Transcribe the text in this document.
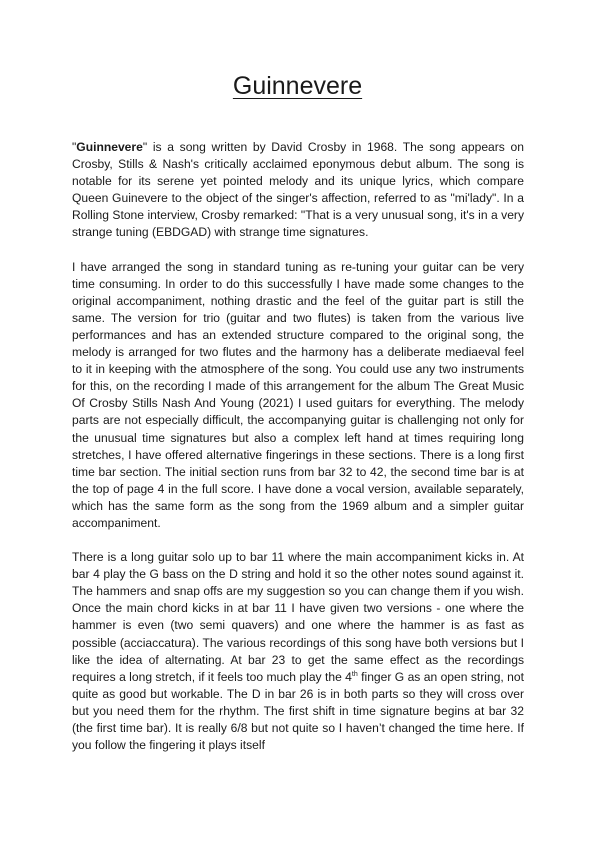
Guinnevere

"Guinnevere" is a song written by David Crosby in 1968. The song appears on Crosby, Stills & Nash's critically acclaimed eponymous debut album. The song is notable for its serene yet pointed melody and its unique lyrics, which compare Queen Guinevere to the object of the singer's affection, referred to as "mi'lady". In a Rolling Stone interview, Crosby remarked: "That is a very unusual song, it's in a very strange tuning (EBDGAD) with strange time signatures.

I have arranged the song in standard tuning as re-tuning your guitar can be very time consuming. In order to do this successfully I have made some changes to the original accompaniment, nothing drastic and the feel of the guitar part is still the same. The version for trio (guitar and two flutes) is taken from the various live performances and has an extended structure compared to the original song, the melody is arranged for two flutes and the harmony has a deliberate mediaeval feel to it in keeping with the atmosphere of the song. You could use any two instruments for this, on the recording I made of this arrangement for the album The Great Music Of Crosby Stills Nash And Young (2021) I used guitars for everything. The melody parts are not especially difficult, the accompanying guitar is challenging not only for the unusual time signatures but also a complex left hand at times requiring long stretches, I have offered alternative fingerings in these sections. There is a long first time bar section. The initial section runs from bar 32 to 42, the second time bar is at the top of page 4 in the full score. I have done a vocal version, available separately, which has the same form as the song from the 1969 album and a simpler guitar accompaniment.

There is a long guitar solo up to bar 11 where the main accompaniment kicks in. At bar 4 play the G bass on the D string and hold it so the other notes sound against it. The hammers and snap offs are my suggestion so you can change them if you wish. Once the main chord kicks in at bar 11 I have given two versions - one where the hammer is even (two semi quavers) and one where the hammer is as fast as possible (acciaccatura). The various recordings of this song have both versions but I like the idea of alternating. At bar 23 to get the same effect as the recordings requires a long stretch, if it feels too much play the 4th finger G as an open string, not quite as good but workable. The D in bar 26 is in both parts so they will cross over but you need them for the rhythm. The first shift in time signature begins at bar 32 (the first time bar). It is really 6/8 but not quite so I haven’t changed the time here. If you follow the fingering it plays itself
